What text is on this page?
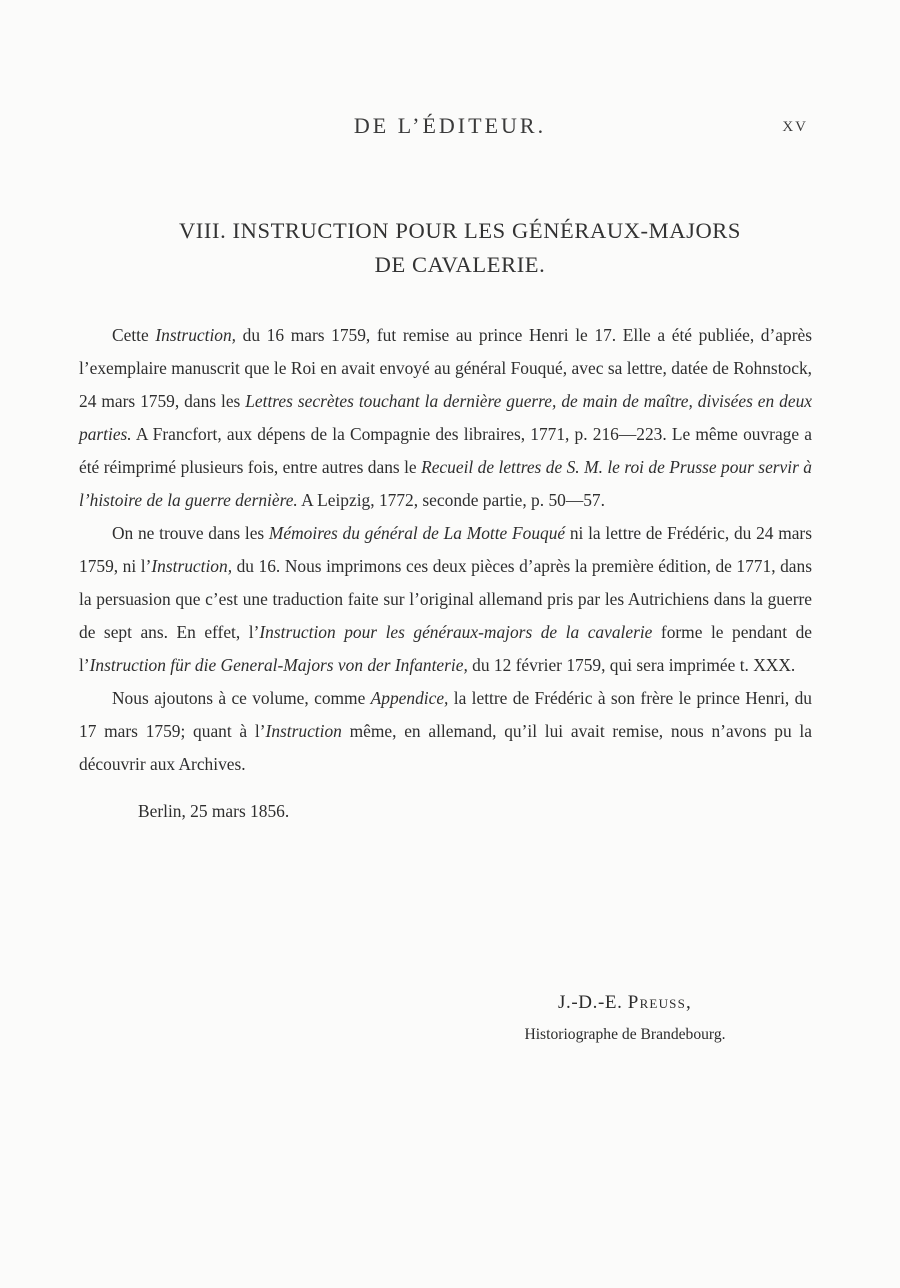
DE L’ÉDITEUR.	XV
VIII. INSTRUCTION POUR LES GÉNÉRAUX-MAJORS
DE CAVALERIE.

Cette Instruction, du 16 mars 1759, fut remise au prince Henri le 17. Elle a été publiée, d’après l’exemplaire manuscrit que le Roi en avait envoyé au général Fouqué, avec sa lettre, datée de Rohnstock, 24 mars 1759, dans les Lettres secrètes touchant la dernière guerre, de main de maître, divisées en deux parties. A Francfort, aux dépens de la Compagnie des libraires, 1771, p. 216—223. Le même ouvrage a été réimprimé plusieurs fois, entre autres dans le Recueil de lettres de S. M. le roi de Prusse pour servir à l’histoire de la guerre dernière. A Leipzig, 1772, seconde partie, p. 50—57.

On ne trouve dans les Mémoires du général de La Motte Fouqué ni la lettre de Frédéric, du 24 mars 1759, ni l’Instruction, du 16. Nous imprimons ces deux pièces d’après la première édition, de 1771, dans la persuasion que c’est une traduction faite sur l’original allemand pris par les Autrichiens dans la guerre de sept ans. En effet, l’Instruction pour les généraux-majors de la cavalerie forme le pendant de l’Instruction für die General-Majors von der Infanterie, du 12 février 1759, qui sera imprimée t. XXX.

Nous ajoutons à ce volume, comme Appendice, la lettre de Frédéric à son frère le prince Henri, du 17 mars 1759; quant à l’Instruction même, en allemand, qu’il lui avait remise, nous n’avons pu la découvrir aux Archives.

Berlin, 25 mars 1856.
J.-D.-E. Preuss,
Historiographe de Brandebourg.
